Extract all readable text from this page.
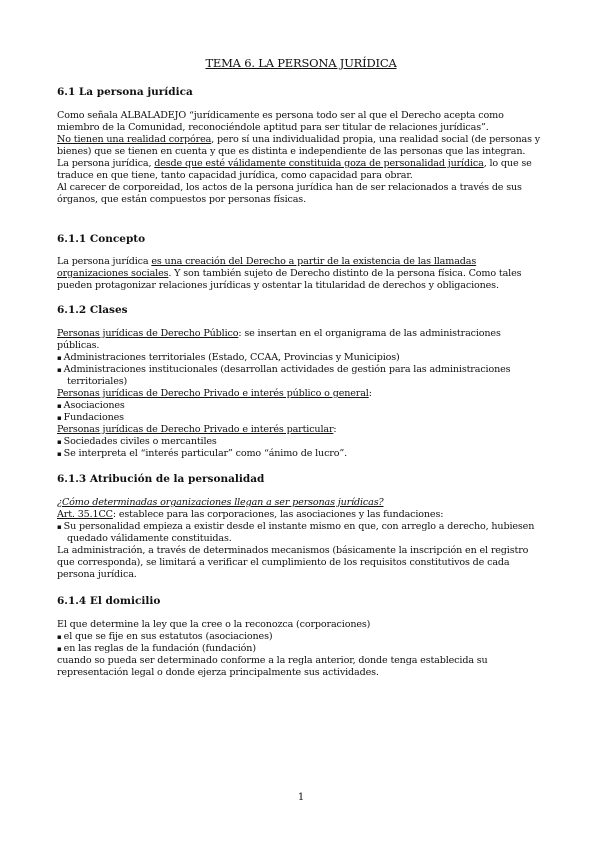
TEMA 6. LA PERSONA JURÍDICA
6.1 La persona jurídica

Como señala ALBALADEJO “jurídicamente es persona todo ser al que el Derecho acepta como miembro de la Comunidad, reconociéndole aptitud para ser titular de relaciones jurídicas”.

No tienen una realidad corpórea, pero sí una individualidad propia, una realidad social (de personas y bienes) que se tienen en cuenta y que es distinta e independiente de las personas que las integran.

La persona jurídica, desde que esté válidamente constituida goza de personalidad jurídica, lo que se traduce en que tiene, tanto capacidad jurídica, como capacidad para obrar.

Al carecer de corporeidad, los actos de la persona jurídica han de ser relacionados a través de sus órganos, que están compuestos por personas físicas.

6.1.1 Concepto

La persona jurídica es una creación del Derecho a partir de la existencia de las llamadas organizaciones sociales. Y son también sujeto de Derecho distinto de la persona física. Como tales pueden protagonizar relaciones jurídicas y ostentar la titularidad de derechos y obligaciones.

6.1.2 Clases

Personas jurídicas de Derecho Público: se insertan en el organigrama de las administraciones públicas.

▪ Administraciones territoriales (Estado, CCAA, Provincias y Municipios)

▪ Administraciones institucionales (desarrollan actividades de gestión para las administraciones territoriales)

Personas jurídicas de Derecho Privado e interés público o general:

▪ Asociaciones

▪ Fundaciones

Personas jurídicas de Derecho Privado e interés particular:

▪ Sociedades civiles o mercantiles

▪ Se interpreta el “interés particular” como “ánimo de lucro”.

6.1.3 Atribución de la personalidad

¿Cómo determinadas organizaciones llegan a ser personas jurídicas?

Art. 35.1CC: establece para las corporaciones, las asociaciones y las fundaciones:

▪ Su personalidad empieza a existir desde el instante mismo en que, con arreglo a derecho, hubiesen quedado válidamente constituidas.

La administración, a través de determinados mecanismos (básicamente la inscripción en el registro que corresponda), se limitará a verificar el cumplimiento de los requisitos constitutivos de cada persona jurídica.

6.1.4 El domicilio

El que determine la ley que la cree o la reconozca (corporaciones)

▪ el que se fije en sus estatutos (asociaciones)

▪ en las reglas de la fundación (fundación)

cuando so pueda ser determinado conforme a la regla anterior, donde tenga establecida su representación legal o donde ejerza principalmente sus actividades.

1
